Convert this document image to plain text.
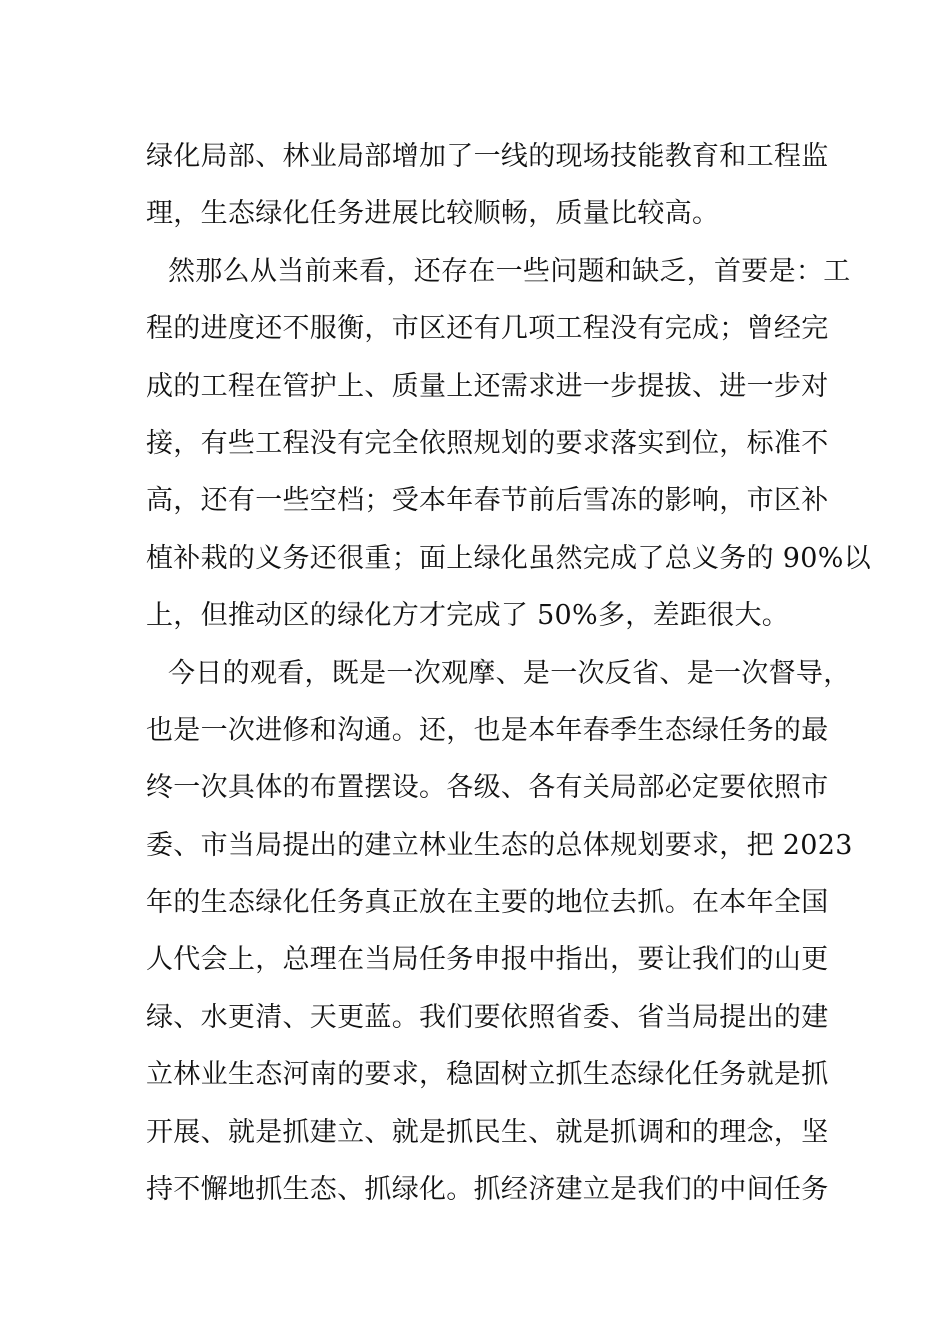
绿化局部、林业局部增加了一线的现场技能教育和工程监
理，生态绿化任务进展比较顺畅，质量比较高。
然那么从当前来看，还存在一些问题和缺乏，首要是：工
程的进度还不服衡，市区还有几项工程没有完成；曾经完
成的工程在管护上、质量上还需求进一步提拔、进一步对
接，有些工程没有完全依照规划的要求落实到位，标准不
高，还有一些空档；受本年春节前后雪冻的影响，市区补
植补栽的义务还很重；面上绿化虽然完成了总义务的 90%以
上，但推动区的绿化方才完成了 50%多，差距很大。
今日的观看，既是一次观摩、是一次反省、是一次督导，
也是一次进修和沟通。还，也是本年春季生态绿任务的最
终一次具体的布置摆设。各级、各有关局部必定要依照市
委、市当局提出的建立林业生态的总体规划要求，把 2023
年的生态绿化任务真正放在主要的地位去抓。在本年全国
人代会上，总理在当局任务申报中指出，要让我们的山更
绿、水更清、天更蓝。我们要依照省委、省当局提出的建
立林业生态河南的要求，稳固树立抓生态绿化任务就是抓
开展、就是抓建立、就是抓民生、就是抓调和的理念，坚
持不懈地抓生态、抓绿化。抓经济建立是我们的中间任务
